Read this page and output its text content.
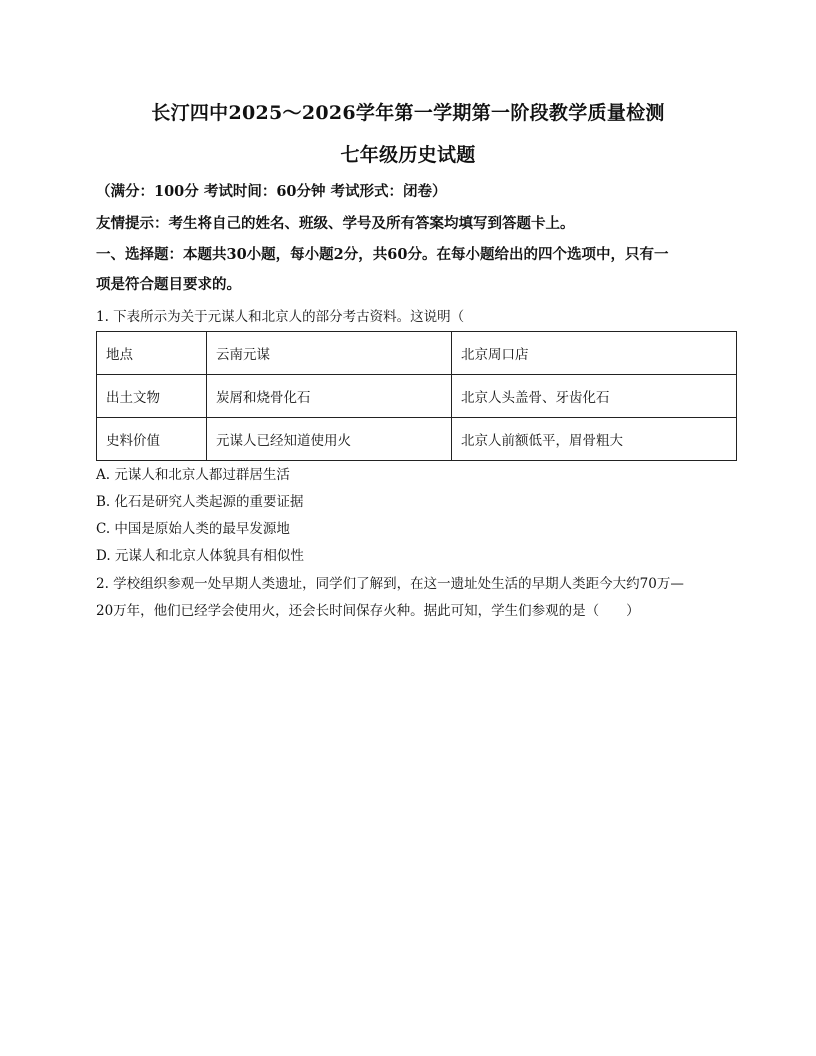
长汀四中2025～2026学年第一学期第一阶段教学质量检测
七年级历史试题
（满分：100分 考试时间：60分钟 考试形式：闭卷）
友情提示：考生将自己的姓名、班级、学号及所有答案均填写到答题卡上。
一、选择题：本题共30小题，每小题2分，共60分。在每小题给出的四个选项中，只有一
项是符合题目要求的。
1. 下表所示为关于元谋人和北京人的部分考古资料。这说明（
地点	云南元谋	北京周口店
出土文物	炭屑和烧骨化石	北京人头盖骨、牙齿化石
史料价值	元谋人已经知道使用火	北京人前额低平，眉骨粗大
A. 元谋人和北京人都过群居生活
B. 化石是研究人类起源的重要证据
C. 中国是原始人类的最早发源地
D. 元谋人和北京人体貌具有相似性
2. 学校组织参观一处早期人类遗址，同学们了解到，在这一遗址处生活的早期人类距今大约70万—
20万年，他们已经学会使用火，还会长时间保存火种。据此可知，学生们参观的是（　　）
